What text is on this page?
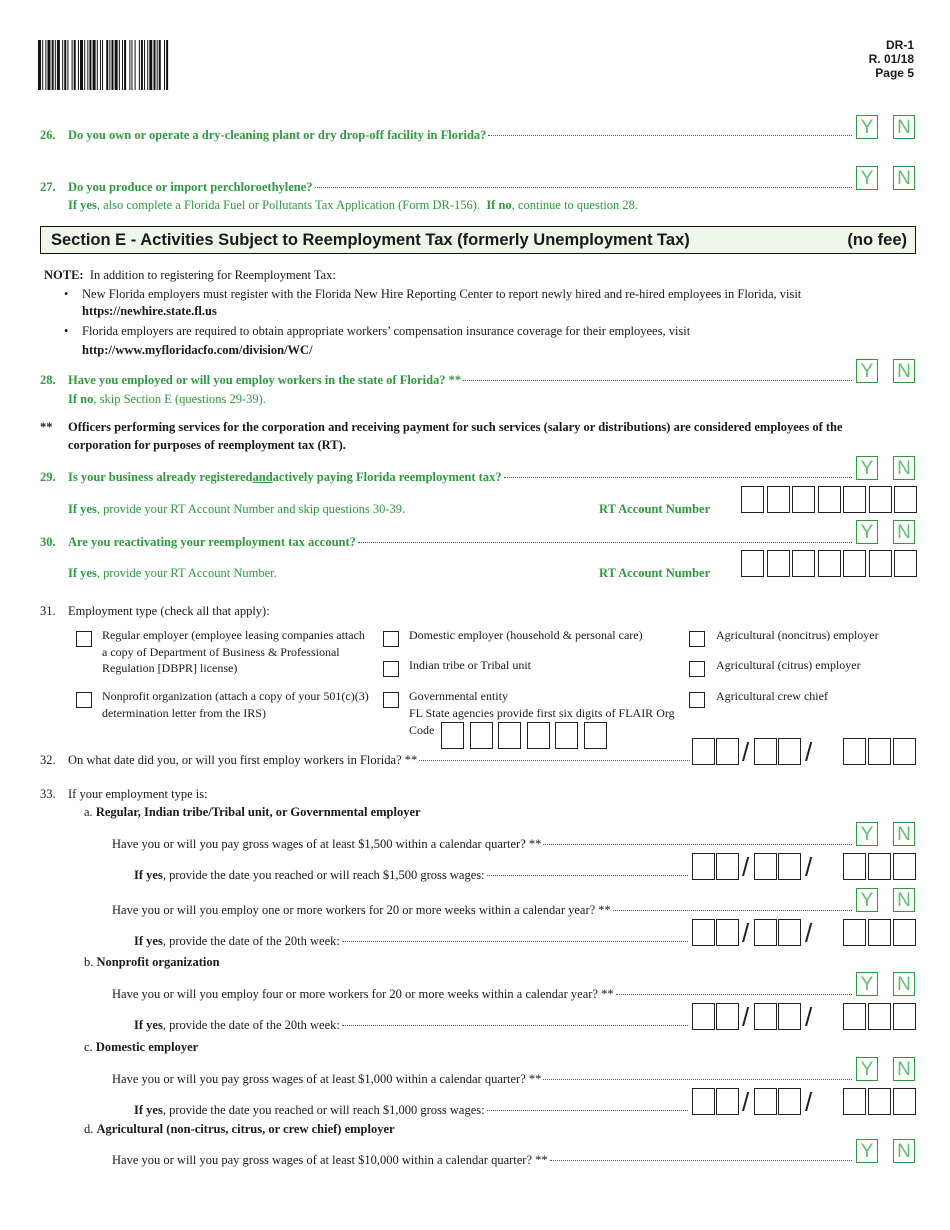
DR-1
R. 01/18
Page 5
26. Do you own or operate a dry-cleaning plant or dry drop-off facility in Florida?	Y N
27. Do you produce or import perchloroethylene?
If yes, also complete a Florida Fuel or Pollutants Tax Application (Form DR-156). If no, continue to question 28.
Y N
Section E - Activities Subject to Reemployment Tax (formerly Unemployment Tax)	(no fee)
NOTE: In addition to registering for Reemployment Tax:
• New Florida employers must register with the Florida New Hire Reporting Center to report newly hired and re-hired employees in Florida, visit
https://newhire.state.fl.us
• Florida employers are required to obtain appropriate workers’ compensation insurance coverage for their employees, visit
http://www.myfloridacfo.com/division/WC/
28. Have you employed or will you employ workers in the state of Florida? **
If no, skip Section E (questions 29-39).
Y N
** Officers performing services for the corporation and receiving payment for such services (salary or distributions) are considered employees of the
corporation for purposes of reemployment tax (RT).
29. Is your business already registered and actively paying Florida reemployment tax?	Y N
If yes, provide your RT Account Number and skip questions 30-39.	RT Account Number
30. Are you reactivating your reemployment tax account?	Y N
If yes, provide your RT Account Number.	RT Account Number
31. Employment type (check all that apply):
Regular employer (employee leasing companies attach a copy of Department of Business & Professional Regulation [DBPR] license)
Domestic employer (household & personal care)	Agricultural (noncitrus) employer
Indian tribe or Tribal unit	Agricultural (citrus) employer
Nonprofit organization (attach a copy of your 501(c)(3) determination letter from the IRS)
Governmental entity
FL State agencies provide first six digits of FLAIR Org Code
Agricultural crew chief
32. On what date did you, or will you first employ workers in Florida? **
33. If your employment type is:
a. Regular, Indian tribe/Tribal unit, or Governmental employer
Have you or will you pay gross wages of at least $1,500 within a calendar quarter? **	Y N
If yes , provide the date you reached or will reach $1,500 gross wages:
Have you or will you employ one or more workers for 20 or more weeks within a calendar year? **	Y N
If yes , provide the date of the 20th week:
b. Nonprofit organization
Have you or will you employ four or more workers for 20 or more weeks within a calendar year? **	Y N
If yes , provide the date of the 20th week:
c. Domestic employer
Have you or will you pay gross wages of at least $1,000 within a calendar quarter? **	Y N
If yes , provide the date you reached or will reach $1,000 gross wages:
d. Agricultural (non-citrus, citrus, or crew chief) employer
Have you or will you pay gross wages of at least $10,000 within a calendar quarter? **	Y N
/ /
/ /
/ /
/ /
/ /
